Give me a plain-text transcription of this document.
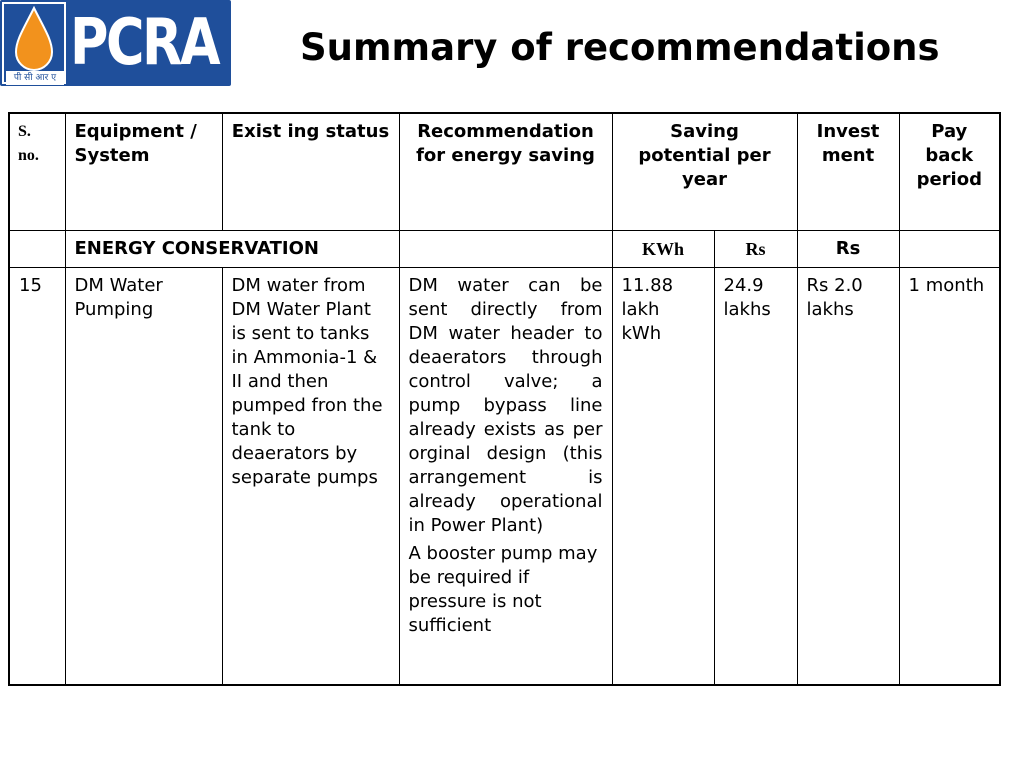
पी सी आर ए PCRA Summary of recommendations
S.
no.	Equipment / System	Exist ing status	Recommendation for energy saving	Saving potential per year		Invest ment	Pay back period
	ENERGY CONSERVATION			KWh	Rs	Rs	
15	DM Water Pumping	DM water from DM Water Plant is sent to tanks in Ammonia-1 & II and then pumped fron the tank to deaerators by separate pumps	DM water can be sent directly from DM water header to deaerators through control valve; a pump bypass line already exists as per orginal design (this arrangement is already operational in Power Plant)

A booster pump may be required if pressure is not sufficient	11.88 lakh kWh	24.9 lakhs	Rs 2.0 lakhs	1 month
